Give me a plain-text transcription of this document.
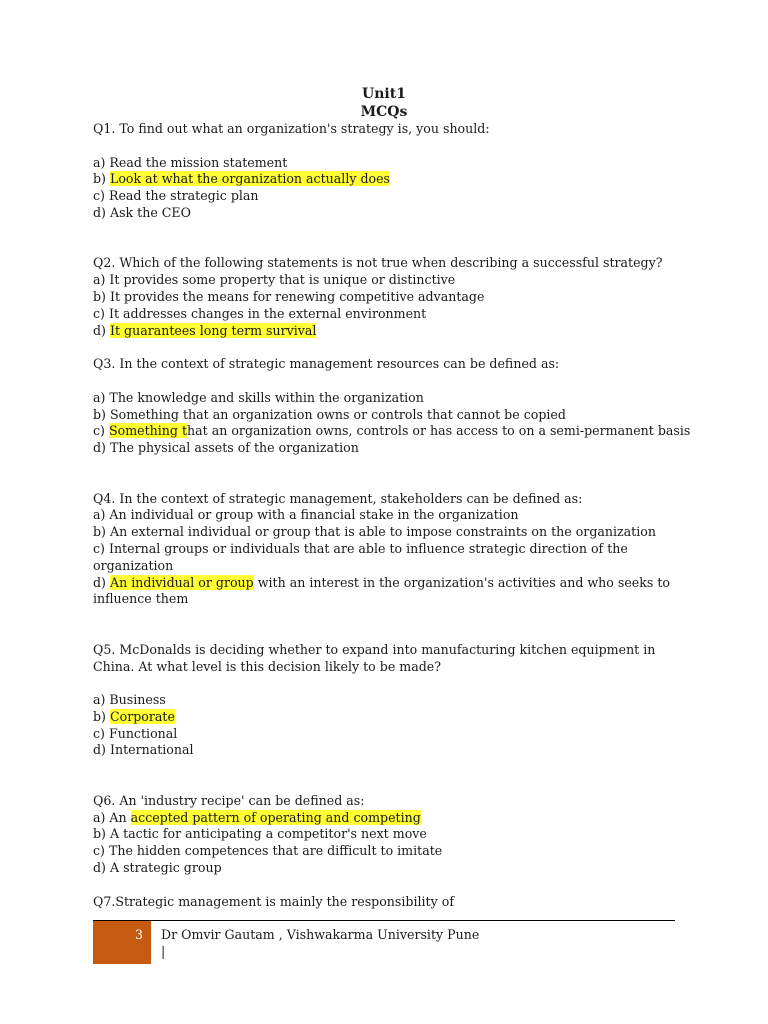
Unit1
MCQs
Q1. To find out what an organization's strategy is, you should:
a) Read the mission statement
b) Look at what the organization actually does
c) Read the strategic plan
d) Ask the CEO
Q2. Which of the following statements is not true when describing a successful strategy?
a) It provides some property that is unique or distinctive
b) It provides the means for renewing competitive advantage
c) It addresses changes in the external environment
d) It guarantees long term survival
Q3. In the context of strategic management resources can be defined as:
a) The knowledge and skills within the organization
b) Something that an organization owns or controls that cannot be copied
c) Something that an organization owns, controls or has access to on a semi-permanent basis
d) The physical assets of the organization
Q4. In the context of strategic management, stakeholders can be defined as:
a) An individual or group with a financial stake in the organization
b) An external individual or group that is able to impose constraints on the organization
c) Internal groups or individuals that are able to influence strategic direction of the
organization
d) An individual or group with an interest in the organization's activities and who seeks to
influence them
Q5. McDonalds is deciding whether to expand into manufacturing kitchen equipment in
China. At what level is this decision likely to be made?
a) Business
b) Corporate
c) Functional
d) International
Q6. An 'industry recipe' can be defined as:
a) An accepted pattern of operating and competing
b) A tactic for anticipating a competitor's next move
c) The hidden competences that are difficult to imitate
d) A strategic group
Q7.Strategic management is mainly the responsibility of
3 Dr Omvir Gautam , Vishwakarma University Pune
|
